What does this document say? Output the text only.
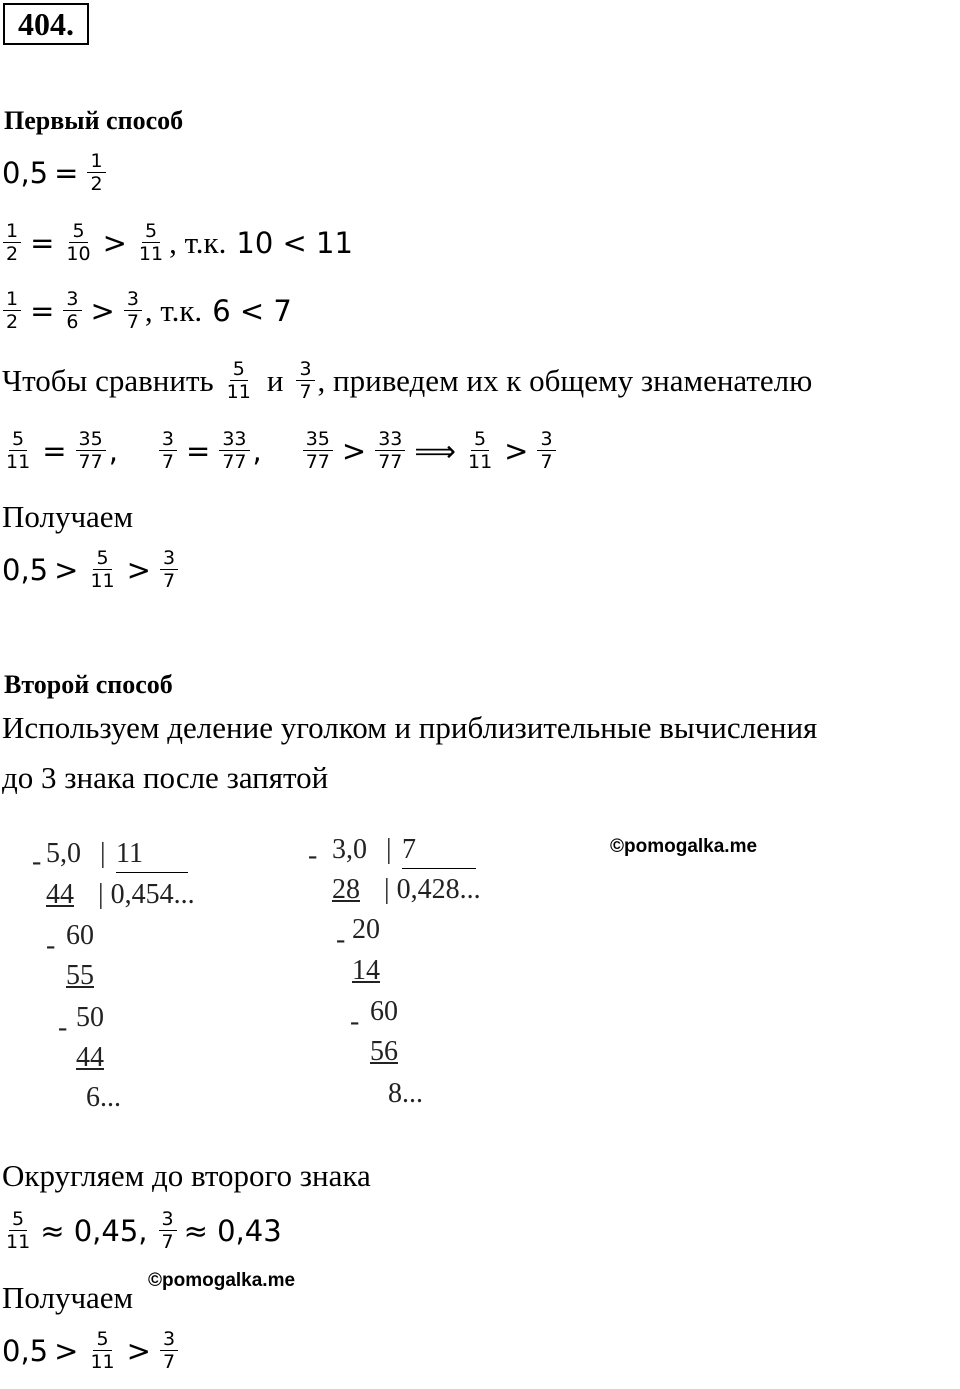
404.
Первый способ
$0,5 = \frac{1}{2}$
$\frac{1}{2} = \frac{5}{10} > \frac{5}{11}$ , т.к. 10 < 11
$\frac{1}{2} = \frac{3}{6} > \frac{3}{7}$ , т.к. 6 < 7
Чтобы сравнить $\frac{5}{11}$ и $\frac{3}{7}$ , приведем их к общему знаменателю
$\frac{5}{11} = \frac{35}{77}$ , $\frac{3}{7} = \frac{33}{77}$ , $\frac{35}{77} > \frac{33}{77}$ ⟹ $\frac{5}{11} > \frac{3}{7}$
Получаем
$0,5 > \frac{5}{11} > \frac{3}{7}$
Второй способ
Используем деление уголком и приблизительные вычисления
до 3 знака после запятой
- 5,0 | 11
44 | 0,454...
- 60
55
- 50
44
6...
- 3,0 | 7
28 | 0,428...
- 20
14
- 60
56
8...
©pomogalka.me
Округляем до второго знака
$\frac{5}{11} \approx 0,45$, $\frac{3}{7} \approx 0,43$
©pomogalka.me
Получаем
$0,5 > \frac{5}{11} > \frac{3}{7}$
